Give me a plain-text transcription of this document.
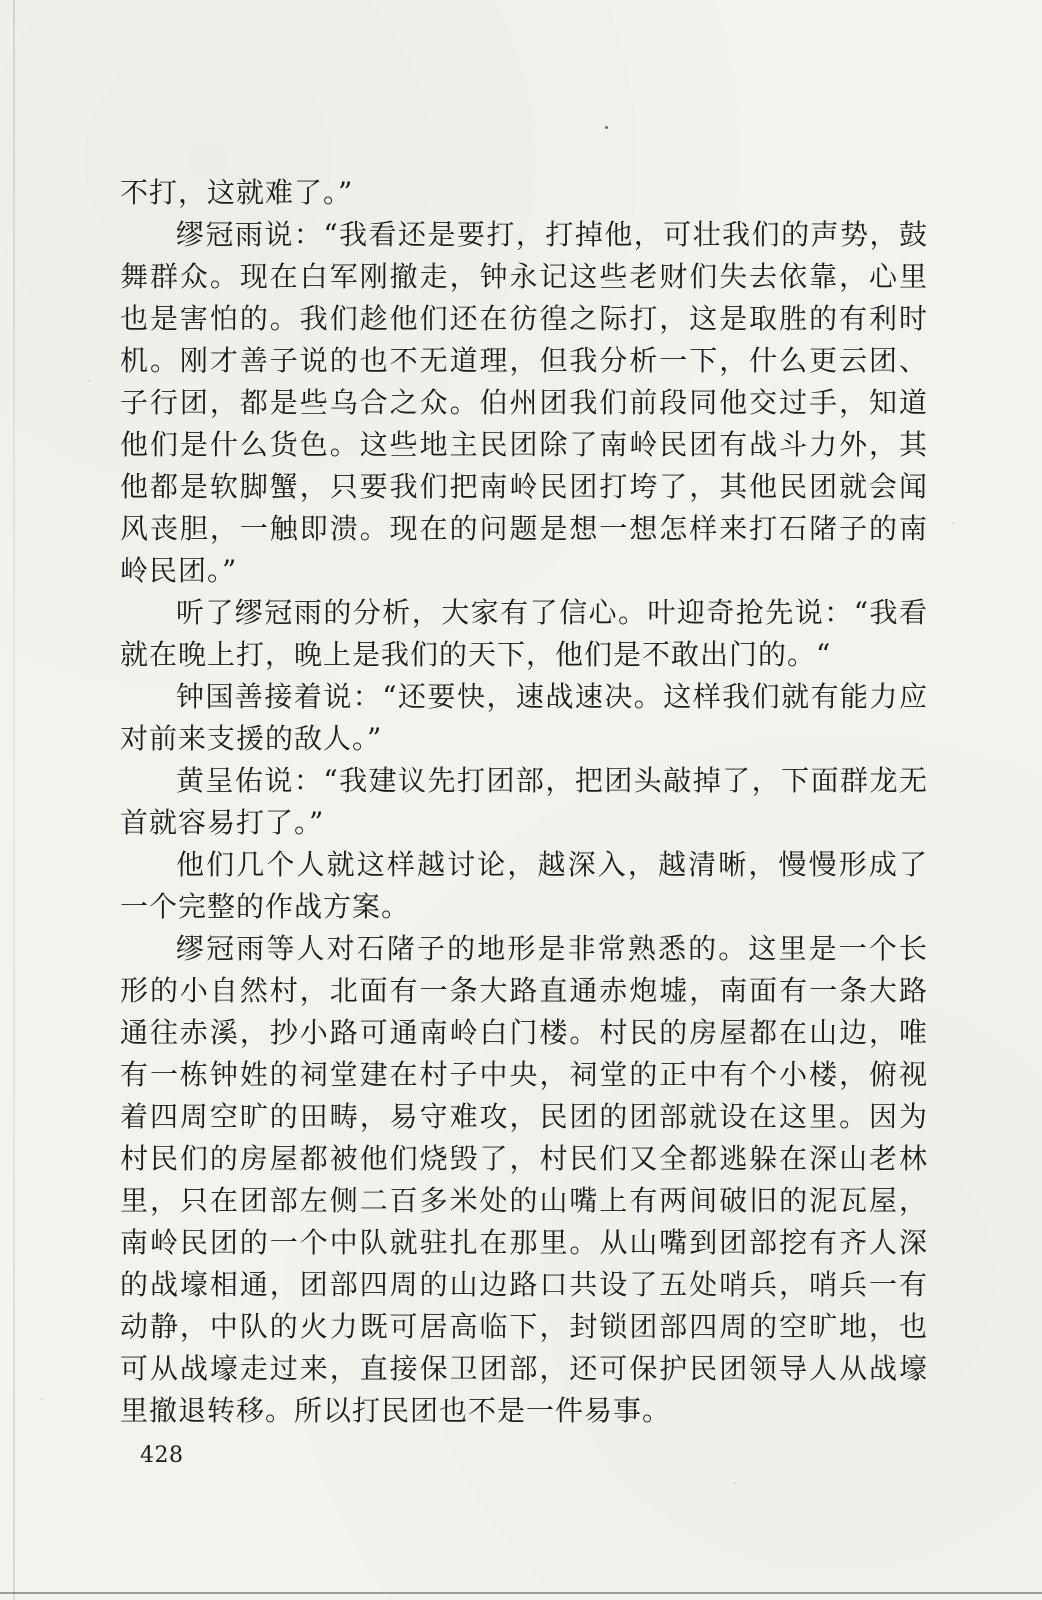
不打，这就难了。”

缪冠雨说：“我看还是要打，打掉他，可壮我们的声势，鼓舞群众。现在白军刚撤走，钟永记这些老财们失去依靠，心里也是害怕的。我们趁他们还在彷徨之际打，这是取胜的有利时机。刚才善子说的也不无道理，但我分析一下，什么更云团、子行团，都是些乌合之众。伯州团我们前段同他交过手，知道他们是什么货色。这些地主民团除了南岭民团有战斗力外，其他都是软脚蟹，只要我们把南岭民团打垮了，其他民团就会闻风丧胆，一触即溃。现在的问题是想一想怎样来打石陼子的南岭民团。”

听了缪冠雨的分析，大家有了信心。叶迎奇抢先说：“我看就在晚上打，晚上是我们的天下，他们是不敢出门的。“

钟国善接着说：“还要快，速战速决。这样我们就有能力应对前来支援的敌人。”

黄呈佑说：“我建议先打团部，把团头敲掉了，下面群龙无首就容易打了。”

他们几个人就这样越讨论，越深入，越清晰，慢慢形成了一个完整的作战方案。

缪冠雨等人对石陼子的地形是非常熟悉的。这里是一个长形的小自然村，北面有一条大路直通赤炮墟，南面有一条大路通往赤溪，抄小路可通南岭白门楼。村民的房屋都在山边，唯有一栋钟姓的祠堂建在村子中央，祠堂的正中有个小楼，俯视着四周空旷的田畴，易守难攻，民团的团部就设在这里。因为村民们的房屋都被他们烧毁了，村民们又全都逃躲在深山老林里，只在团部左侧二百多米处的山嘴上有两间破旧的泥瓦屋，南岭民团的一个中队就驻扎在那里。从山嘴到团部挖有齐人深的战壕相通，团部四周的山边路口共设了五处哨兵，哨兵一有动静，中队的火力既可居高临下，封锁团部四周的空旷地，也可从战壕走过来，直接保卫团部，还可保护民团领导人从战壕里撤退转移。所以打民团也不是一件易事。

428
